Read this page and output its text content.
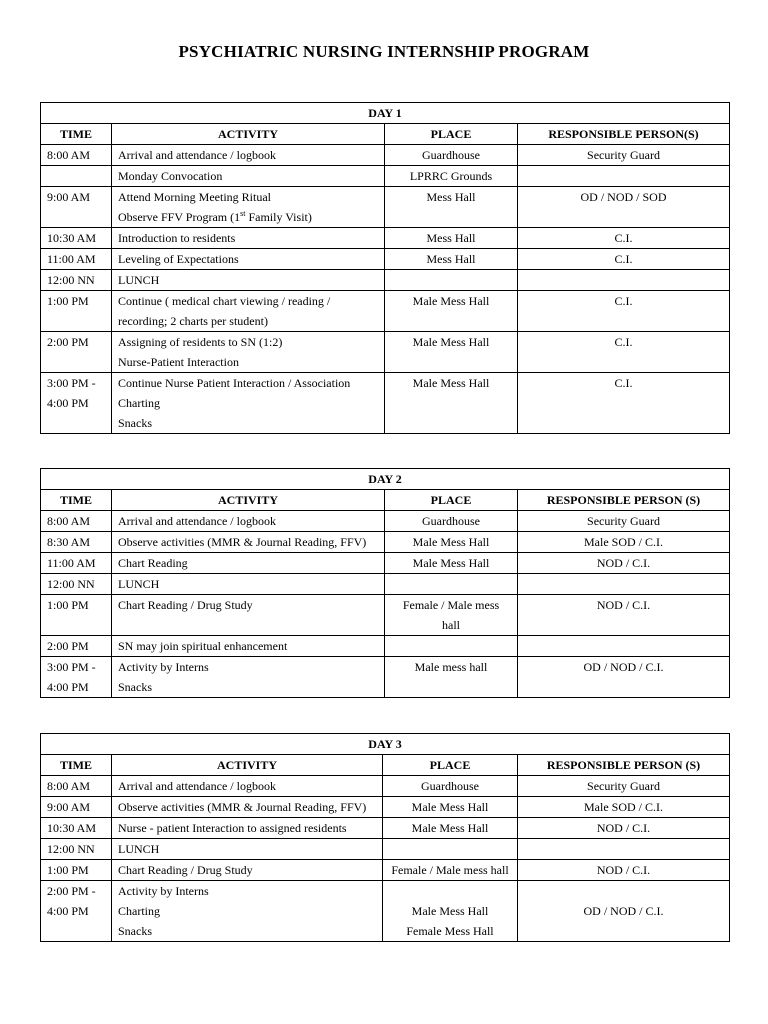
PSYCHIATRIC NURSING INTERNSHIP PROGRAM
DAY 1			
TIME	ACTIVITY	PLACE	RESPONSIBLE PERSON(S)

8:00 AM	Arrival and attendance / logbook	Guardhouse	Security Guard

	Monday Convocation	LPRRC Grounds	

9:00 AM	Attend Morning Meeting Ritual
Observe FFV Program (1st Family Visit)	Mess Hall	OD / NOD / SOD

10:30 AM	Introduction to residents	Mess Hall	C.I.

11:00 AM	Leveling of Expectations	Mess Hall	C.I.

12:00 NN	LUNCH		

1:00 PM	Continue ( medical chart viewing / reading /
recording; 2 charts per student)	Male Mess Hall	C.I.

2:00 PM	Assigning of residents to SN (1:2)
Nurse-Patient Interaction	Male Mess Hall	C.I.

3:00 PM -
4:00 PM	Continue Nurse Patient Interaction / Association
Charting
Snacks	Male Mess Hall	C.I.
DAY 2			
TIME	ACTIVITY	PLACE	RESPONSIBLE PERSON (S)

8:00 AM	Arrival and attendance / logbook	Guardhouse	Security Guard

8:30 AM	Observe activities (MMR & Journal Reading, FFV)	Male Mess Hall	Male SOD / C.I.

11:00 AM	Chart Reading	Male Mess Hall	NOD / C.I.

12:00 NN	LUNCH		

1:00 PM	Chart Reading / Drug Study	Female / Male mess
hall	NOD / C.I.

2:00 PM	SN may join spiritual enhancement		

3:00 PM -
4:00 PM	Activity by Interns
Snacks	Male mess hall	OD / NOD / C.I.
DAY 3			
TIME	ACTIVITY	PLACE	RESPONSIBLE PERSON (S)

8:00 AM	Arrival and attendance / logbook	Guardhouse	Security Guard

9:00 AM	Observe activities (MMR & Journal Reading, FFV)	Male Mess Hall	Male SOD / C.I.

10:30 AM	Nurse - patient Interaction to assigned residents	Male Mess Hall	NOD / C.I.

12:00 NN	LUNCH		

1:00 PM	Chart Reading / Drug Study	Female / Male mess hall	NOD / C.I.

2:00 PM -
4:00 PM	Activity by Interns
Charting
Snacks	Male Mess Hall
Female Mess Hall	OD / NOD / C.I.
